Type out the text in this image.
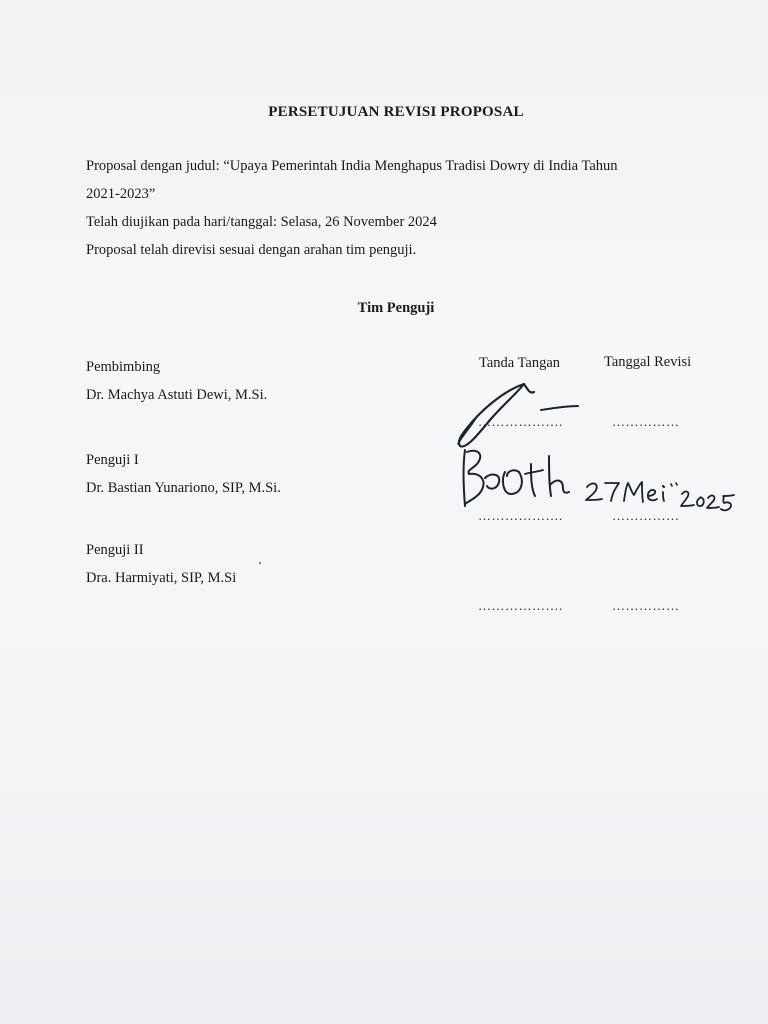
PERSETUJUAN REVISI PROPOSAL
Proposal dengan judul: “Upaya Pemerintah India Menghapus Tradisi Dowry di India Tahun
2021-2023”
Telah diujikan pada hari/tanggal: Selasa, 26 November 2024
Proposal telah direvisi sesuai dengan arahan tim penguji.
Tim Penguji
Tanda Tangan	Tanggal Revisi
Pembimbing
Dr. Machya Astuti Dewi, M.Si.
……………….	……………
Penguji I
Dr. Bastian Yunariono, SIP, M.Si.
……………….	……………
Penguji II
Dra. Harmiyati, SIP, M.Si
……………….	……………
